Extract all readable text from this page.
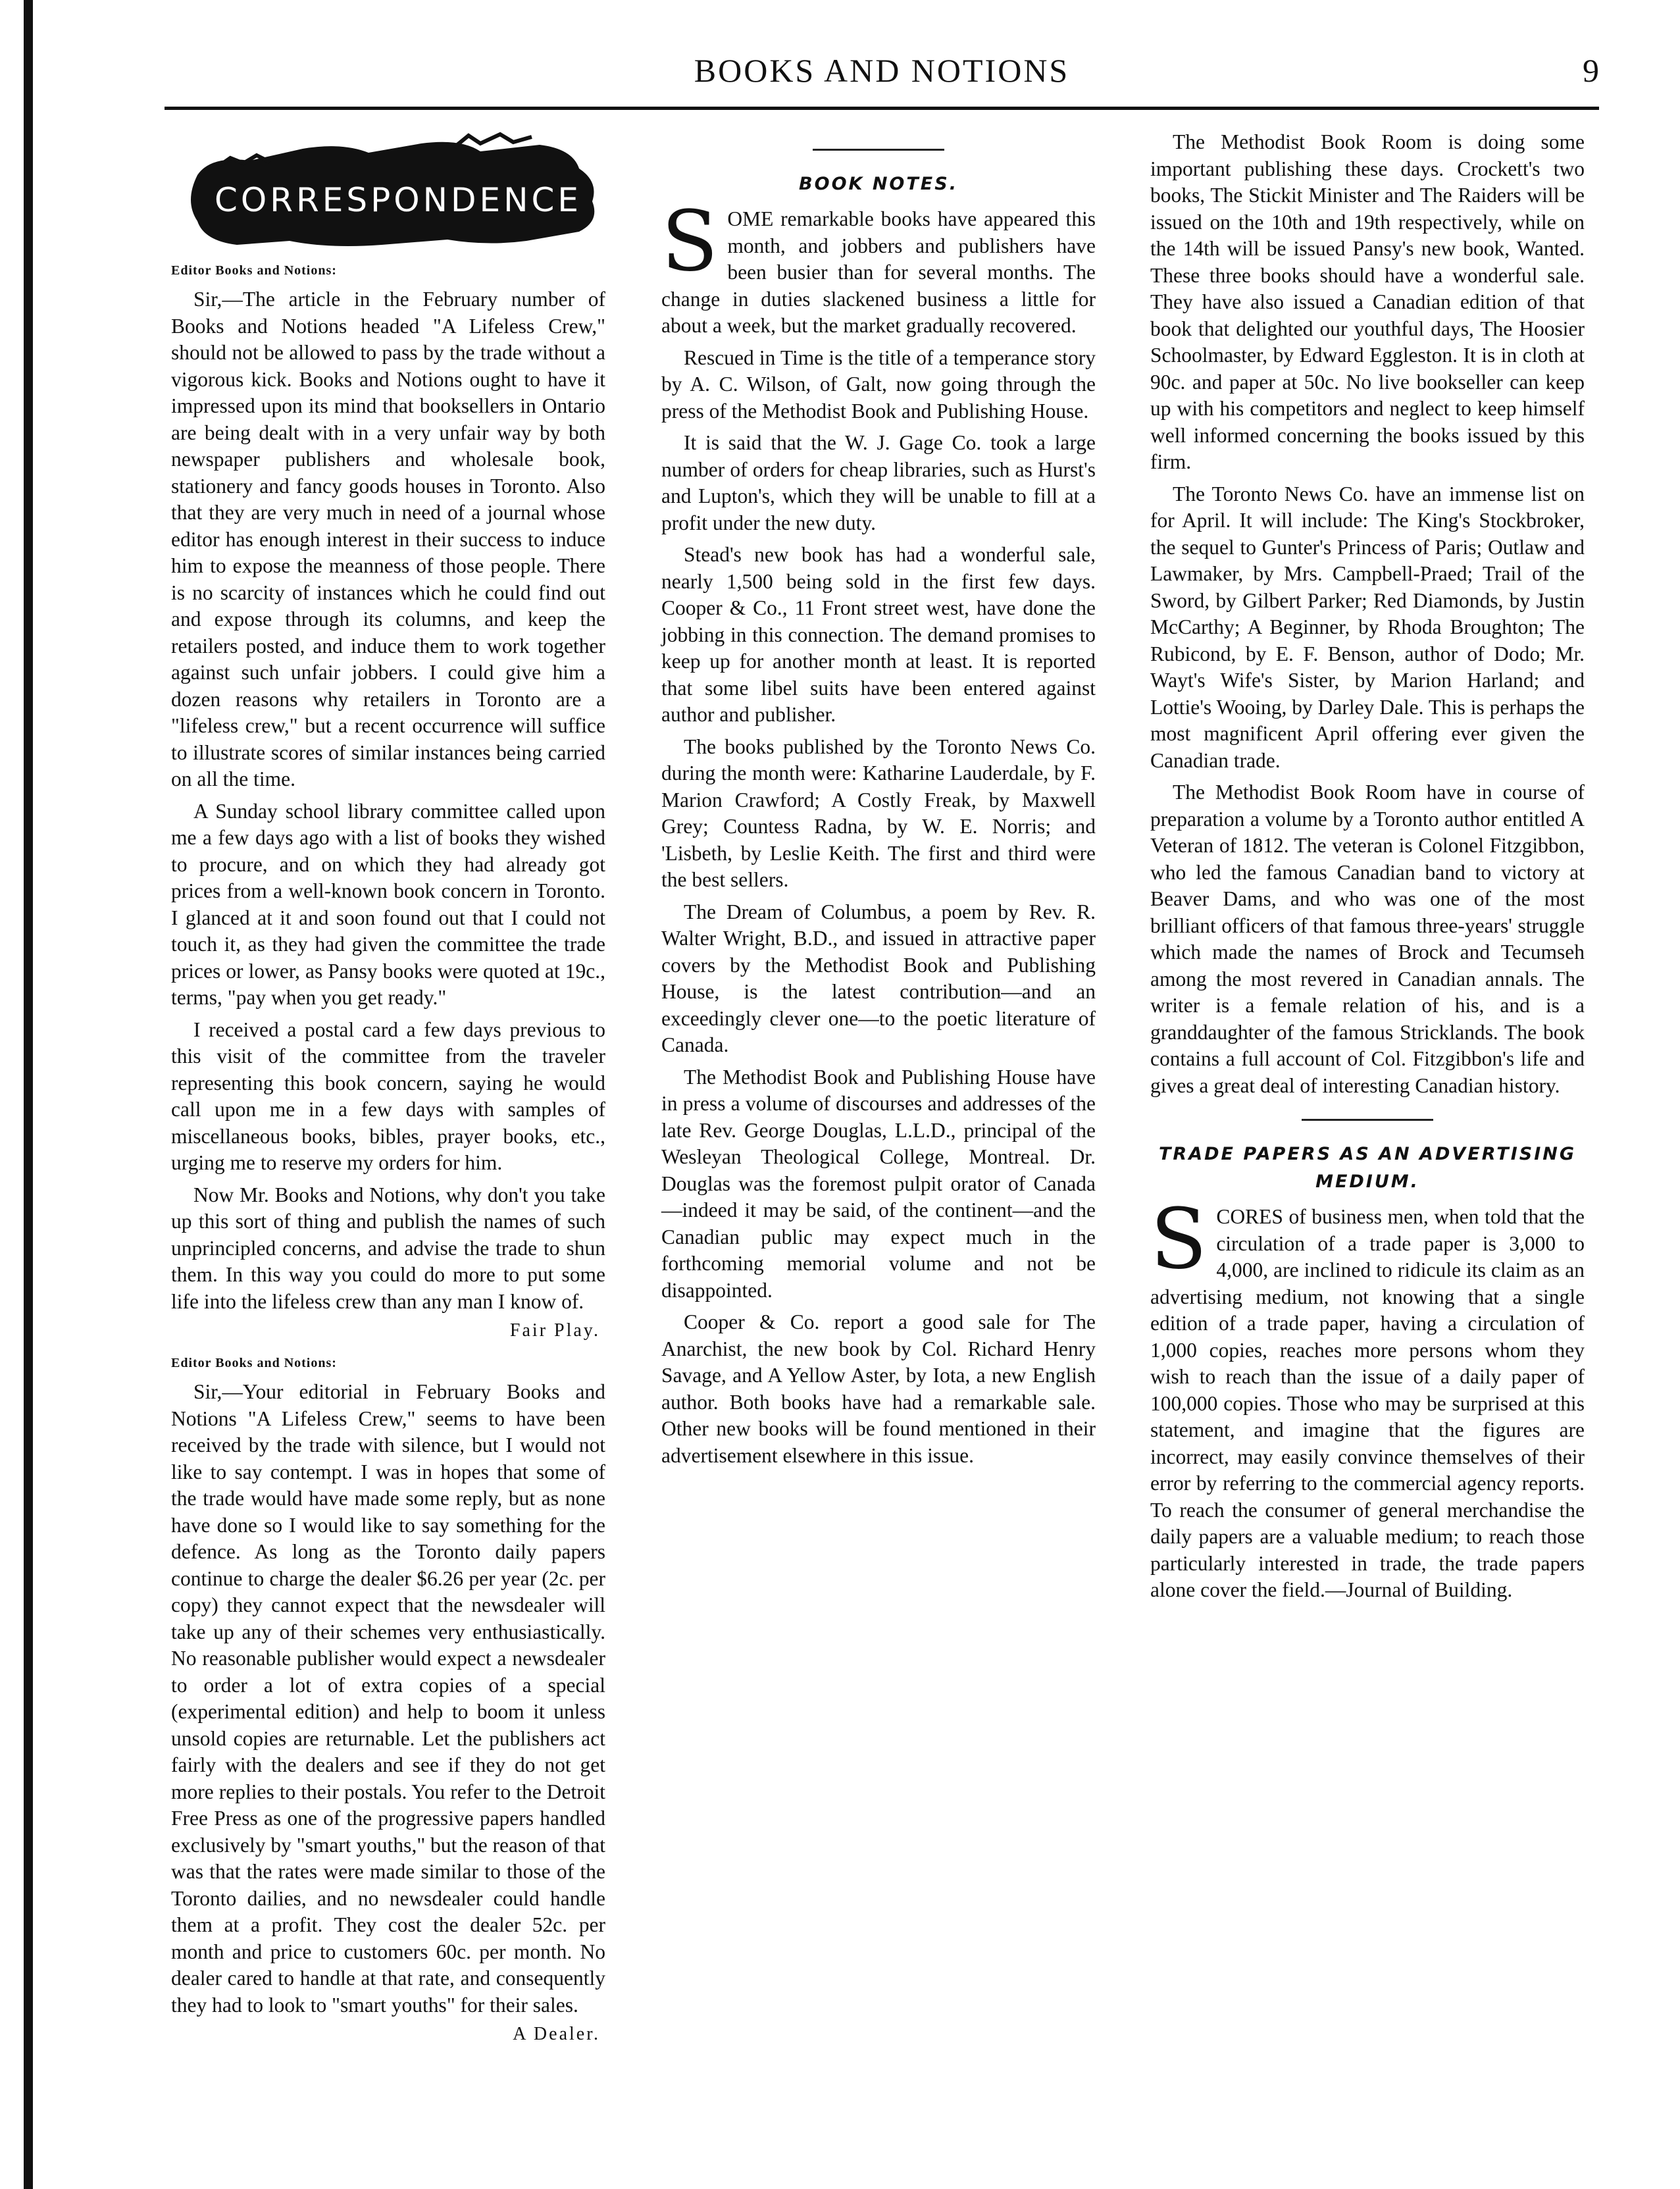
BOOKS AND NOTIONS	9
CORRESPONDENCE
Editor Books and Notions:

Sir,—The article in the February number of Books and Notions headed "A Lifeless Crew," should not be allowed to pass by the trade without a vigorous kick. Books and Notions ought to have it impressed upon its mind that booksellers in Ontario are being dealt with in a very unfair way by both newspaper publishers and wholesale book, stationery and fancy goods houses in Toronto. Also that they are very much in need of a journal whose editor has enough interest in their success to induce him to expose the meanness of those people. There is no scarcity of instances which he could find out and expose through its columns, and keep the retailers posted, and induce them to work together against such unfair jobbers. I could give him a dozen reasons why retailers in Toronto are a "lifeless crew," but a recent occurrence will suffice to illustrate scores of similar instances being carried on all the time.

A Sunday school library committee called upon me a few days ago with a list of books they wished to procure, and on which they had already got prices from a well-known book concern in Toronto. I glanced at it and soon found out that I could not touch it, as they had given the committee the trade prices or lower, as Pansy books were quoted at 19c., terms, "pay when you get ready."

I received a postal card a few days previous to this visit of the committee from the traveler representing this book concern, saying he would call upon me in a few days with samples of miscellaneous books, bibles, prayer books, etc., urging me to reserve my orders for him.

Now Mr. Books and Notions, why don't you take up this sort of thing and publish the names of such unprincipled concerns, and advise the trade to shun them. In this way you could do more to put some life into the lifeless crew than any man I know of.

Fair Play.
Editor Books and Notions:

Sir,—Your editorial in February Books and Notions "A Lifeless Crew," seems to have been received by the trade with silence, but I would not like to say contempt. I was in hopes that some of the trade would have made some reply, but as none have done so I would like to say something for the defence. As long as the Toronto daily papers continue to charge the dealer $6.26 per year (2c. per copy) they cannot expect that the newsdealer will take up any of their schemes very enthusiastically. No reasonable publisher would expect a newsdealer to order a lot of extra copies of a special (experimental edition) and help to boom it unless unsold copies are returnable. Let the publishers act fairly with the dealers and see if they do not get more replies to their postals. You refer to the Detroit Free Press as one of the progressive papers handled exclusively by "smart youths," but the reason of that was that the rates were made similar to those of the Toronto dailies, and no newsdealer could handle them at a profit. They cost the dealer 52c. per month and price to customers 60c. per month. No dealer cared to handle at that rate, and consequently they had to look to "smart youths" for their sales.

A Dealer.
BOOK NOTES.

SOME remarkable books have appeared this month, and jobbers and publishers have been busier than for several months. The change in duties slackened business a little for about a week, but the market gradually recovered.

Rescued in Time is the title of a temperance story by A. C. Wilson, of Galt, now going through the press of the Methodist Book and Publishing House.

It is said that the W. J. Gage Co. took a large number of orders for cheap libraries, such as Hurst's and Lupton's, which they will be unable to fill at a profit under the new duty.

Stead's new book has had a wonderful sale, nearly 1,500 being sold in the first few days. Cooper & Co., 11 Front street west, have done the jobbing in this connection. The demand promises to keep up for another month at least. It is reported that some libel suits have been entered against author and publisher.

The books published by the Toronto News Co. during the month were: Katharine Lauderdale, by F. Marion Crawford; A Costly Freak, by Maxwell Grey; Countess Radna, by W. E. Norris; and 'Lisbeth, by Leslie Keith. The first and third were the best sellers.

The Dream of Columbus, a poem by Rev. R. Walter Wright, B.D., and issued in attractive paper covers by the Methodist Book and Publishing House, is the latest contribution—and an exceedingly clever one—to the poetic literature of Canada.

The Methodist Book and Publishing House have in press a volume of discourses and addresses of the late Rev. George Douglas, L.L.D., principal of the Wesleyan Theological College, Montreal. Dr. Douglas was the foremost pulpit orator of Canada—indeed it may be said, of the continent—and the Canadian public may expect much in the forthcoming memorial volume and not be disappointed.

Cooper & Co. report a good sale for The Anarchist, the new book by Col. Richard Henry Savage, and A Yellow Aster, by Iota, a new English author. Both books have had a remarkable sale. Other new books will be found mentioned in their advertisement elsewhere in this issue.

The Methodist Book Room is doing some important publishing these days. Crockett's two books, The Stickit Minister and The Raiders will be issued on the 10th and 19th respectively, while on the 14th will be issued Pansy's new book, Wanted. These three books should have a wonderful sale. They have also issued a Canadian edition of that book that delighted our youthful days, The Hoosier Schoolmaster, by Edward Eggleston. It is in cloth at 90c. and paper at 50c. No live bookseller can keep up with his competitors and neglect to keep himself well informed concerning the books issued by this firm.

The Toronto News Co. have an immense list on for April. It will include: The King's Stockbroker, the sequel to Gunter's Princess of Paris; Outlaw and Lawmaker, by Mrs. Campbell-Praed; Trail of the Sword, by Gilbert Parker; Red Diamonds, by Justin McCarthy; A Beginner, by Rhoda Broughton; The Rubicond, by E. F. Benson, author of Dodo; Mr. Wayt's Wife's Sister, by Marion Harland; and Lottie's Wooing, by Darley Dale. This is perhaps the most magnificent April offering ever given the Canadian trade.

The Methodist Book Room have in course of preparation a volume by a Toronto author entitled A Veteran of 1812. The veteran is Colonel Fitzgibbon, who led the famous Canadian band to victory at Beaver Dams, and who was one of the most brilliant officers of that famous three-years' struggle which made the names of Brock and Tecumseh among the most revered in Canadian annals. The writer is a female relation of his, and is a granddaughter of the famous Stricklands. The book contains a full account of Col. Fitzgibbon's life and gives a great deal of interesting Canadian history.

TRADE PAPERS AS AN ADVERTISING MEDIUM.

SCORES of business men, when told that the circulation of a trade paper is 3,000 to 4,000, are inclined to ridicule its claim as an advertising medium, not knowing that a single edition of a trade paper, having a circulation of 1,000 copies, reaches more persons whom they wish to reach than the issue of a daily paper of 100,000 copies. Those who may be surprised at this statement, and imagine that the figures are incorrect, may easily convince themselves of their error by referring to the commercial agency reports. To reach the consumer of general merchandise the daily papers are a valuable medium; to reach those particularly interested in trade, the trade papers alone cover the field.—Journal of Building.
